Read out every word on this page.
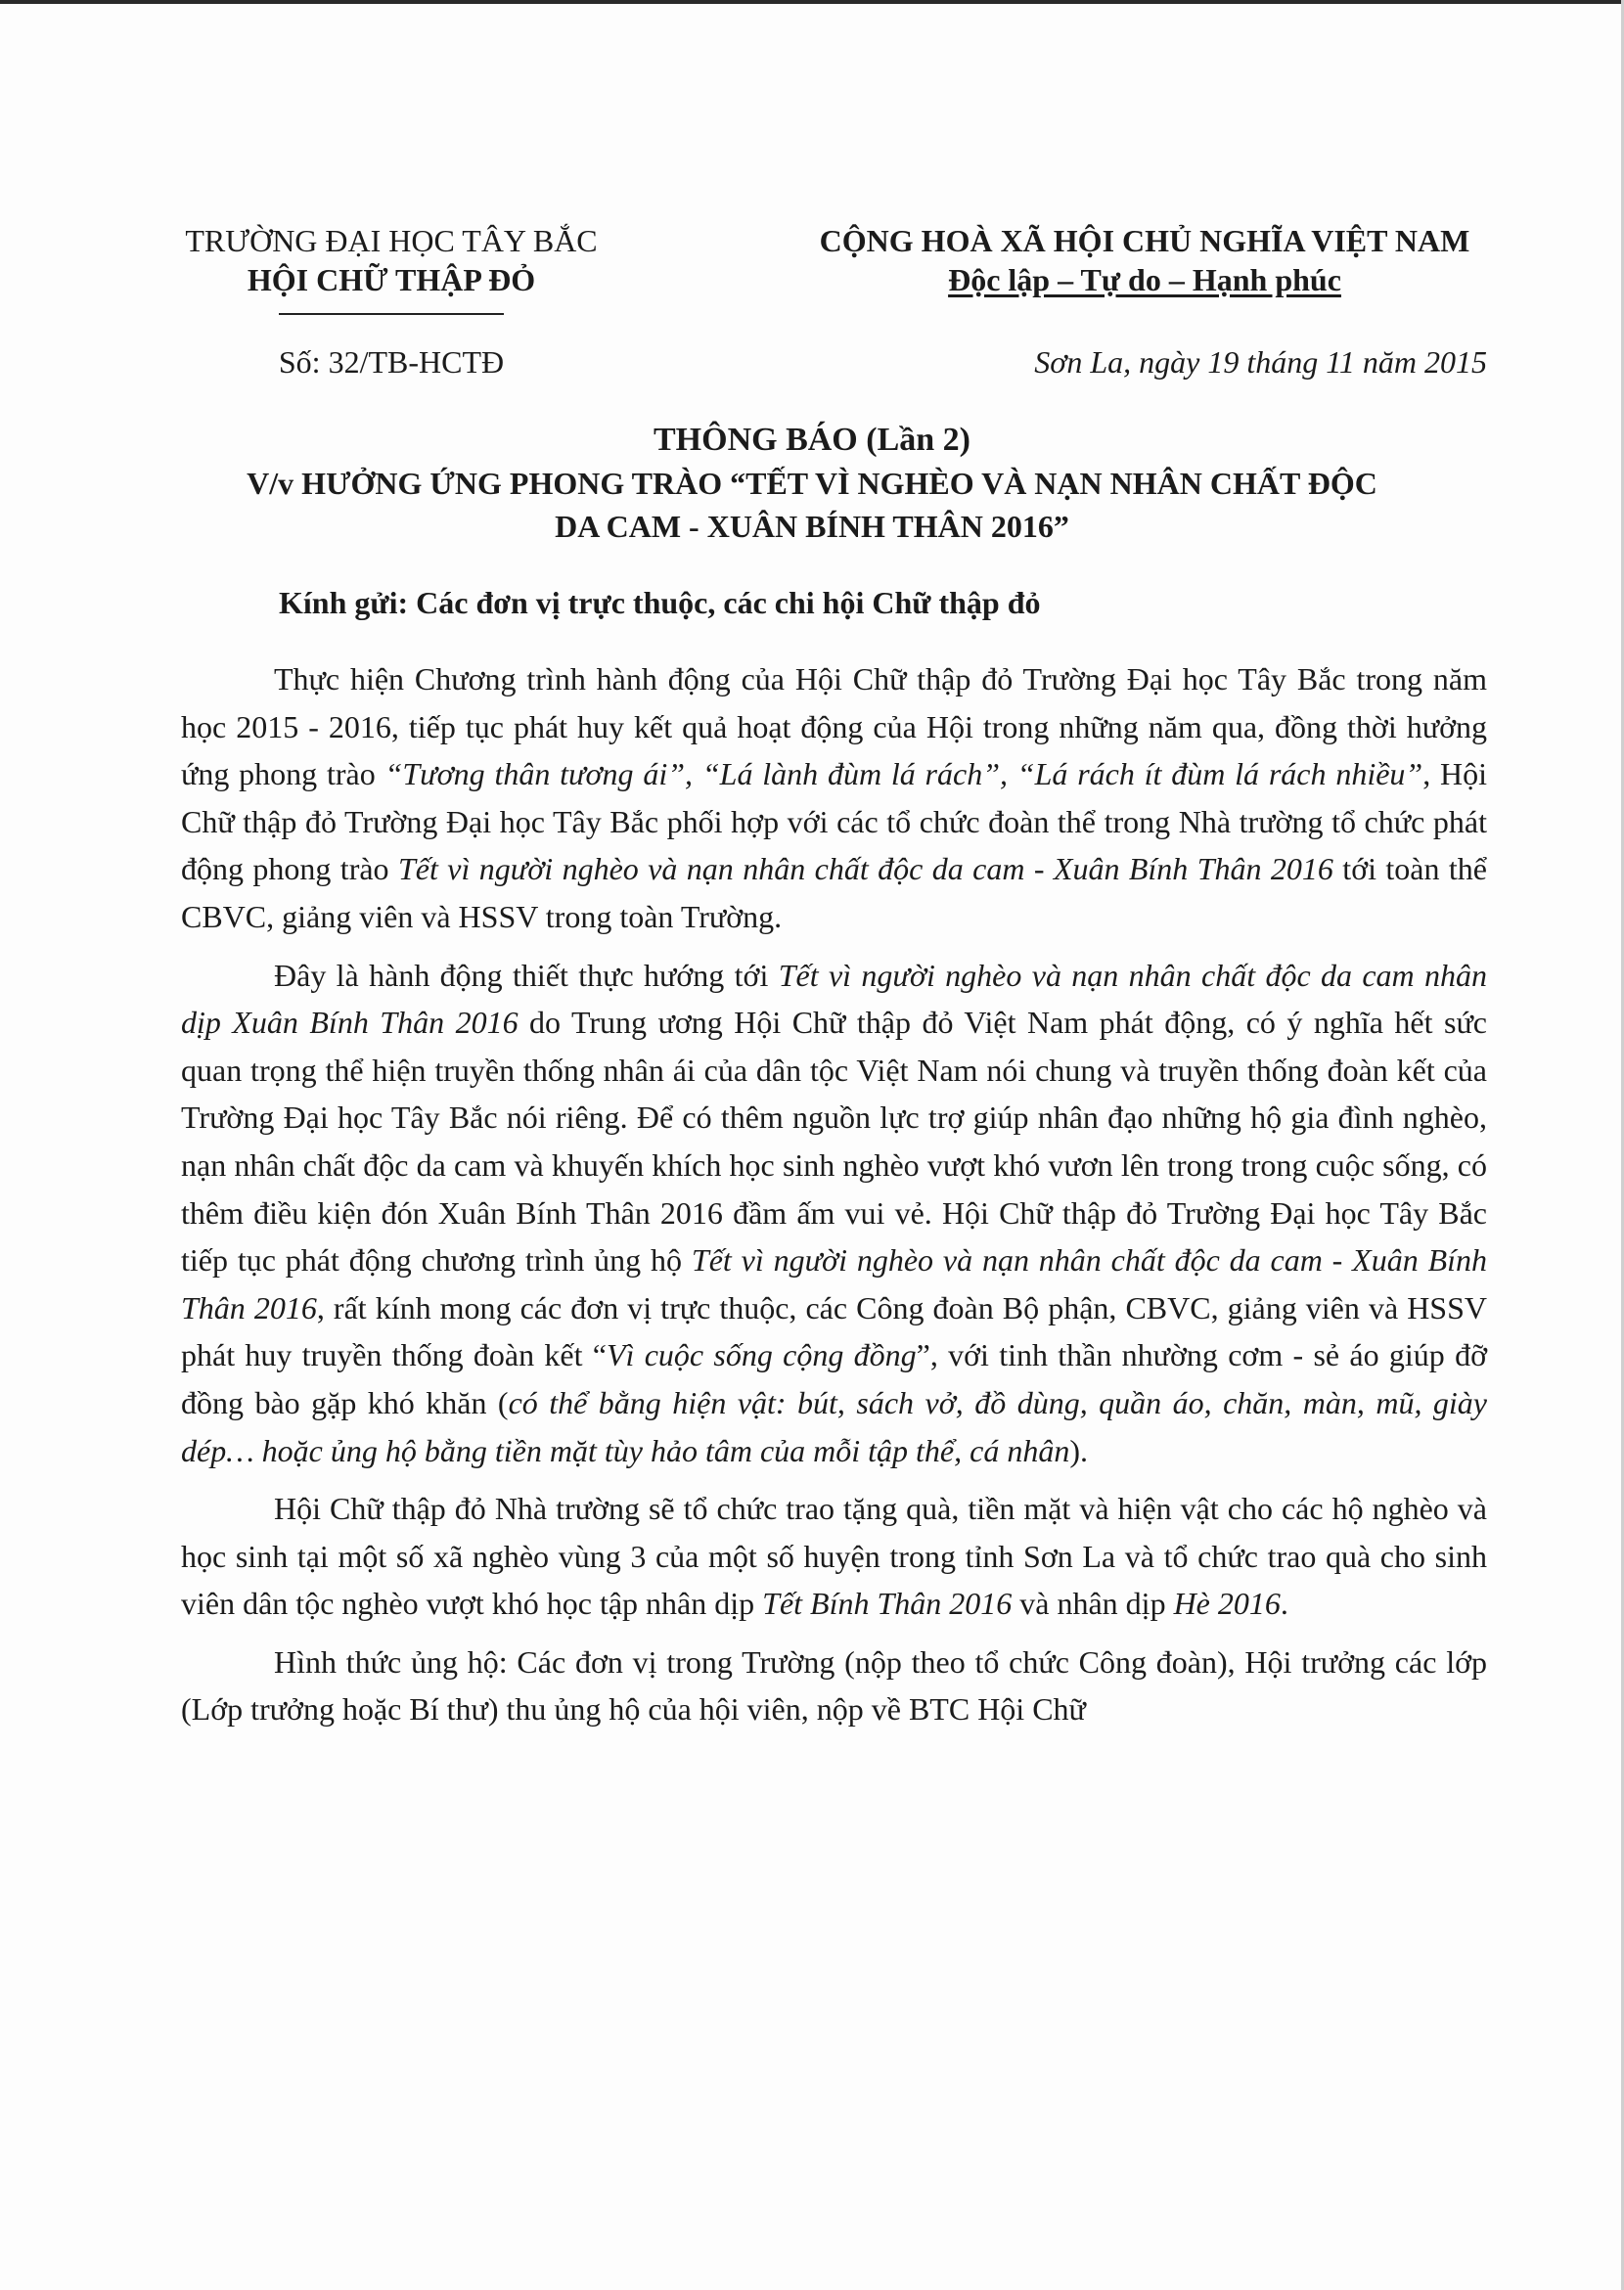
TRƯỜNG ĐẠI HỌC TÂY BẮC
HỘI CHỮ THẬP ĐỎ
CỘNG HOÀ XÃ HỘI CHỦ NGHĨA VIỆT NAM
Độc lập – Tự do – Hạnh phúc
Số: 32/TB-HCTĐ	Sơn La, ngày 19 tháng 11 năm 2015
THÔNG BÁO (Lần 2)
V/v HƯỞNG ỨNG PHONG TRÀO “TẾT VÌ NGHÈO VÀ NẠN NHÂN CHẤT ĐỘC
DA CAM - XUÂN BÍNH THÂN 2016”
Kính gửi: Các đơn vị trực thuộc, các chi hội Chữ thập đỏ

Thực hiện Chương trình hành động của Hội Chữ thập đỏ Trường Đại học Tây Bắc trong năm học 2015 - 2016, tiếp tục phát huy kết quả hoạt động của Hội trong những năm qua, đồng thời hưởng ứng phong trào “Tương thân tương ái”, “Lá lành đùm lá rách”, “Lá rách ít đùm lá rách nhiều”, Hội Chữ thập đỏ Trường Đại học Tây Bắc phối hợp với các tổ chức đoàn thể trong Nhà trường tổ chức phát động phong trào Tết vì người nghèo và nạn nhân chất độc da cam - Xuân Bính Thân 2016 tới toàn thể CBVC, giảng viên và HSSV trong toàn Trường.

Đây là hành động thiết thực hướng tới Tết vì người nghèo và nạn nhân chất độc da cam nhân dịp Xuân Bính Thân 2016 do Trung ương Hội Chữ thập đỏ Việt Nam phát động, có ý nghĩa hết sức quan trọng thể hiện truyền thống nhân ái của dân tộc Việt Nam nói chung và truyền thống đoàn kết của Trường Đại học Tây Bắc nói riêng. Để có thêm nguồn lực trợ giúp nhân đạo những hộ gia đình nghèo, nạn nhân chất độc da cam và khuyến khích học sinh nghèo vượt khó vươn lên trong trong cuộc sống, có thêm điều kiện đón Xuân Bính Thân 2016 đầm ấm vui vẻ. Hội Chữ thập đỏ Trường Đại học Tây Bắc tiếp tục phát động chương trình ủng hộ Tết vì người nghèo và nạn nhân chất độc da cam - Xuân Bính Thân 2016, rất kính mong các đơn vị trực thuộc, các Công đoàn Bộ phận, CBVC, giảng viên và HSSV phát huy truyền thống đoàn kết “Vì cuộc sống cộng đồng”, với tinh thần nhường cơm - sẻ áo giúp đỡ đồng bào gặp khó khăn (có thể bằng hiện vật: bút, sách vở, đồ dùng, quần áo, chăn, màn, mũ, giày dép… hoặc ủng hộ bằng tiền mặt tùy hảo tâm của mỗi tập thể, cá nhân).

Hội Chữ thập đỏ Nhà trường sẽ tổ chức trao tặng quà, tiền mặt và hiện vật cho các hộ nghèo và học sinh tại một số xã nghèo vùng 3 của một số huyện trong tỉnh Sơn La và tổ chức trao quà cho sinh viên dân tộc nghèo vượt khó học tập nhân dịp Tết Bính Thân 2016 và nhân dịp Hè 2016.

Hình thức ủng hộ: Các đơn vị trong Trường (nộp theo tổ chức Công đoàn), Hội trưởng các lớp (Lớp trưởng hoặc Bí thư) thu ủng hộ của hội viên, nộp về BTC Hội Chữ
